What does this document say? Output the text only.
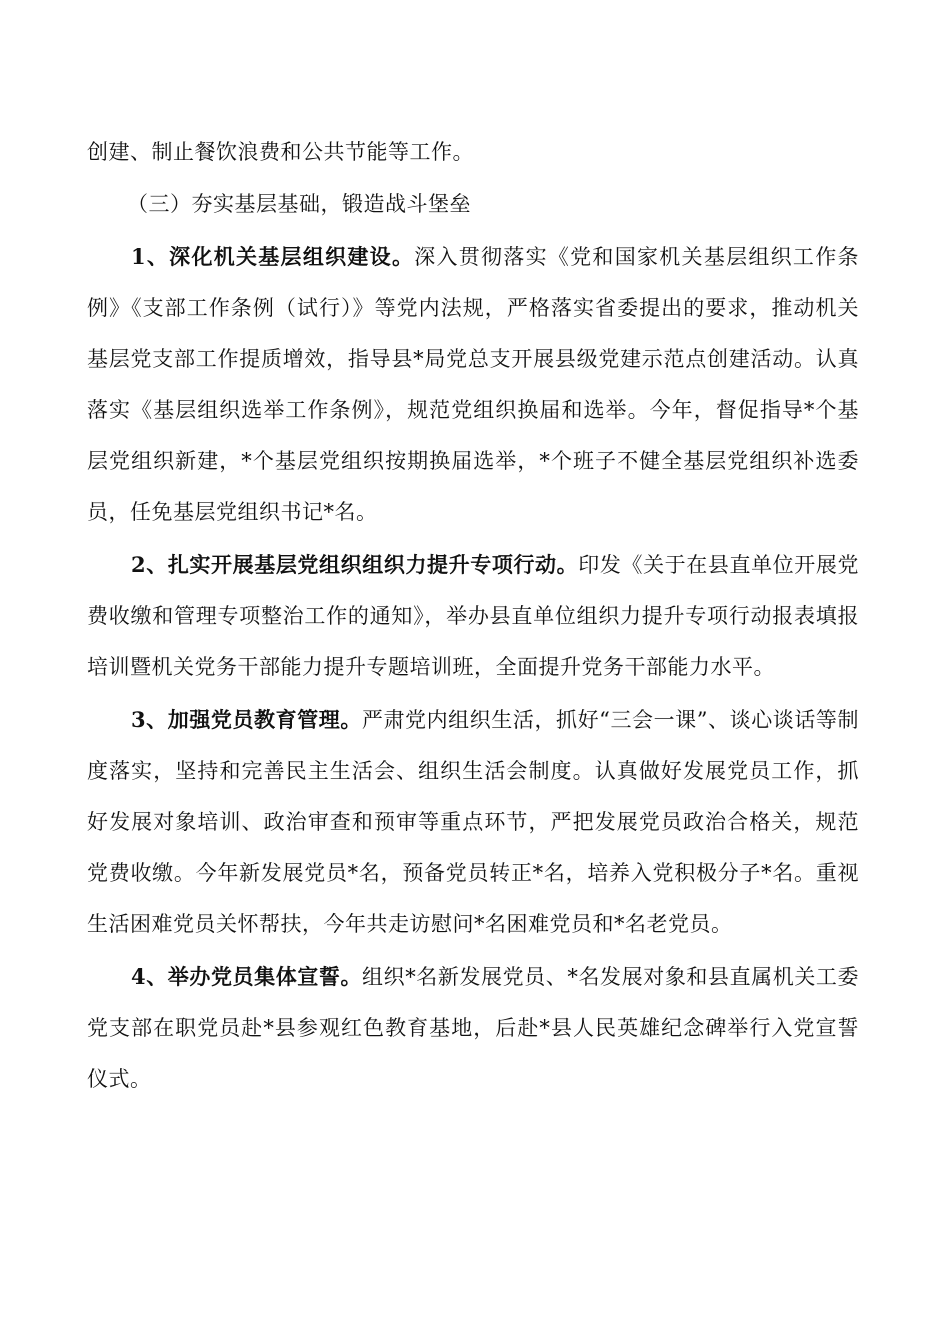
创建、制止餐饮浪费和公共节能等工作。

（三）夯实基层基础，锻造战斗堡垒

1、深化机关基层组织建设。深入贯彻落实《党和国家机关基层组织工作条例》《支部工作条例（试行）》等党内法规，严格落实省委提出的要求，推动机关基层党支部工作提质增效，指导县*局党总支开展县级党建示范点创建活动。认真落实《基层组织选举工作条例》，规范党组织换届和选举。今年，督促指导*个基层党组织新建，*个基层党组织按期换届选举，*个班子不健全基层党组织补选委员，任免基层党组织书记*名。

2、扎实开展基层党组织组织力提升专项行动。印发《关于在县直单位开展党费收缴和管理专项整治工作的通知》，举办县直单位组织力提升专项行动报表填报培训暨机关党务干部能力提升专题培训班，全面提升党务干部能力水平。

3、加强党员教育管理。严肃党内组织生活，抓好“三会一课”、谈心谈话等制度落实，坚持和完善民主生活会、组织生活会制度。认真做好发展党员工作，抓好发展对象培训、政治审查和预审等重点环节，严把发展党员政治合格关，规范党费收缴。今年新发展党员*名，预备党员转正*名，培养入党积极分子*名。重视生活困难党员关怀帮扶，今年共走访慰问*名困难党员和*名老党员。

4、举办党员集体宣誓。组织*名新发展党员、*名发展对象和县直属机关工委党支部在职党员赴*县参观红色教育基地，后赴*县人民英雄纪念碑举行入党宣誓仪式。
